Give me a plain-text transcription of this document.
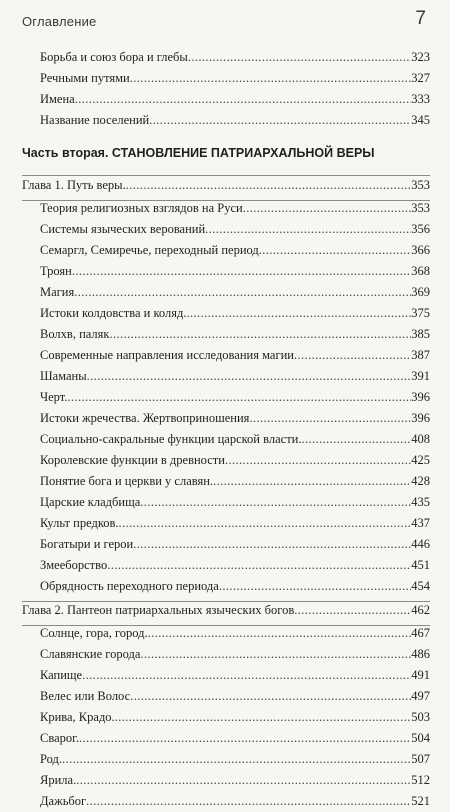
Оглавление	7
Борьба и союз бора и глебы .....	323
Речными путями .....	327
Имена .....	333
Название поселений .....	345
Часть вторая. СТАНОВЛЕНИЕ ПАТРИАРХАЛЬНОЙ ВЕРЫ
Глава 1. Путь веры. .....	353
Теория религиозных взглядов на Руси .....	353
Системы языческих верований .....	356
Семаргл, Семиречье, переходный период .....	366
Троян .....	368
Магия .....	369
Истоки колдовства и коляд. .....	375
Волхв, паляк .....	385
Современные направления исследования магии .....	387
Шаманы .....	391
Черт. .....	396
Истоки жречества. Жертвоприношения .....	396
Социально-сакральные функции царской власти. .....	408
Королевские функции в древности .....	425
Понятие бога и церкви у славян. .....	428
Царские кладбища .....	435
Культ предков. .....	437
Богатыри и герои .....	446
Змееборство .....	451
Обрядность переходного периода .....	454
Глава 2. Пантеон патриархальных языческих богов .....	462
Солнце, гора, город. .....	467
Славянские города .....	486
Капище .....	491
Велес или Волос .....	497
Крива, Крадо. .....	503
Сварог. .....	504
Род. .....	507
Ярила. .....	512
Дажьбог .....	521
